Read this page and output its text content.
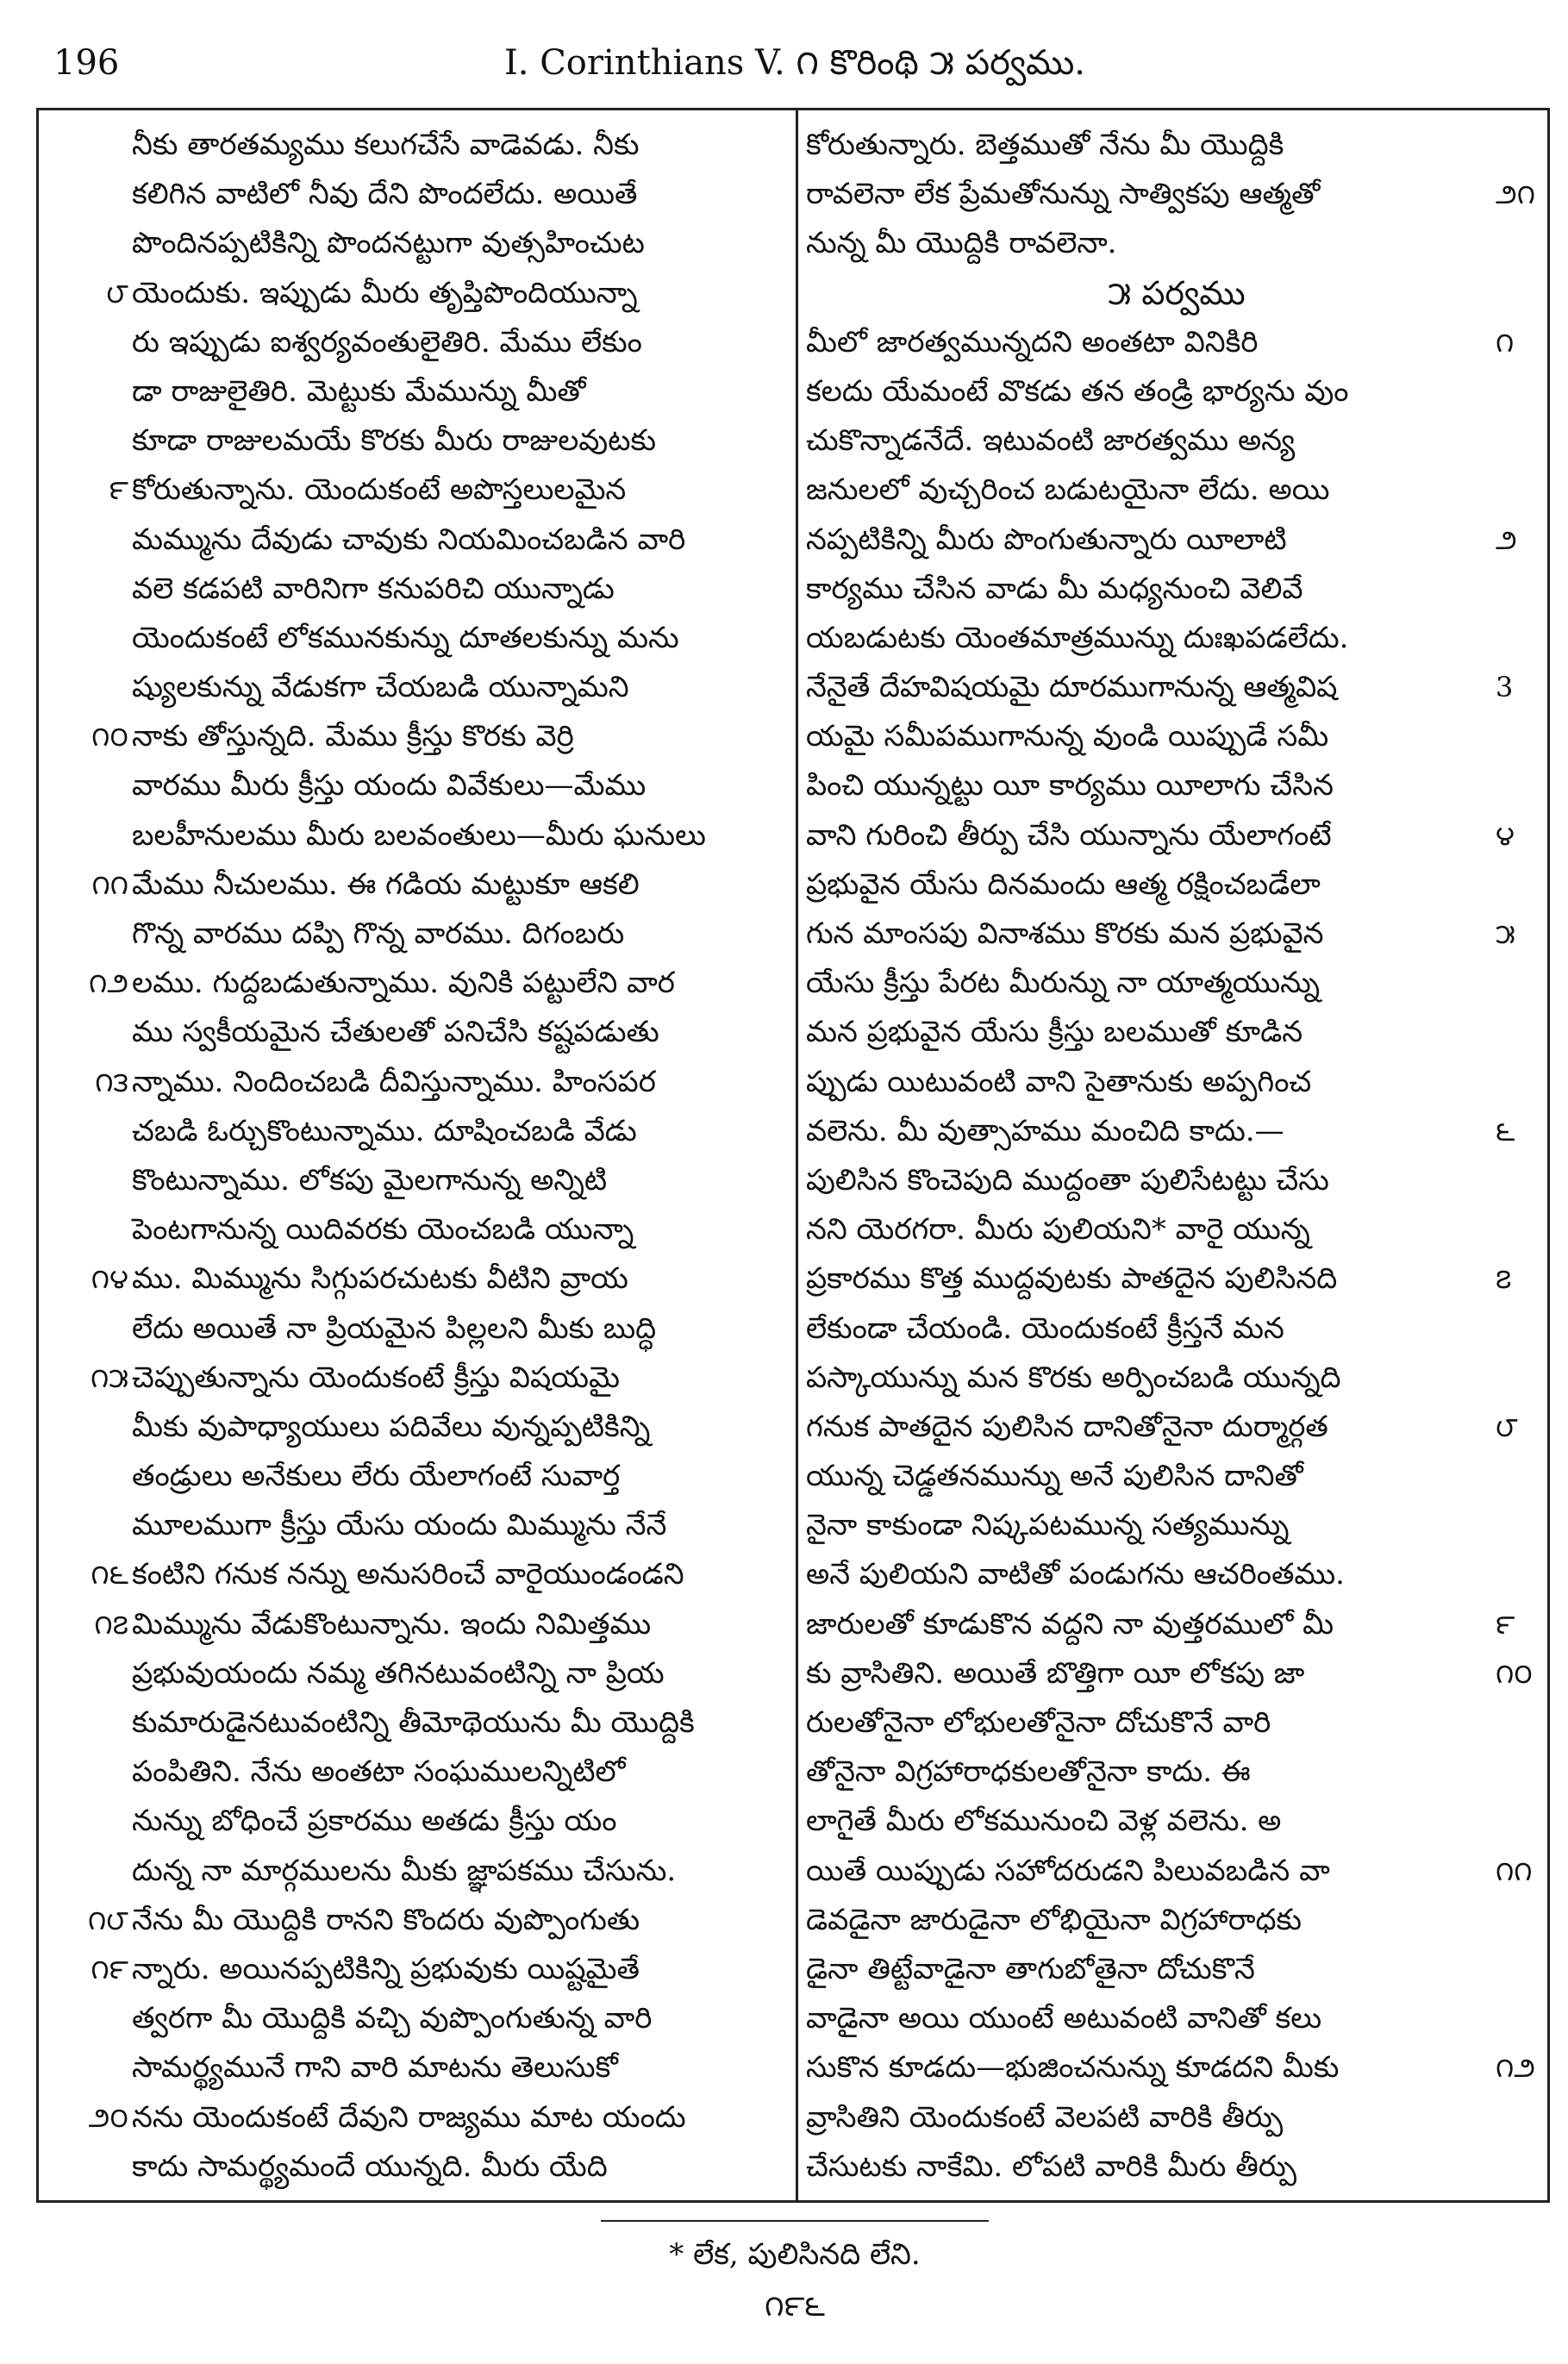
196	I. Corinthians V. ౧ కొరింథి ౫ పర్వము.
నీకు తారతమ్యము కలుగచేసే వాడెవడు. నీకు
కలిగిన వాటిలో నీవు దేని పొందలేదు. అయితే
పొందినప్పటికిన్ని పొందనట్టుగా వుత్సహించుట
౮ యెందుకు. ఇప్పుడు మీరు తృప్తిపొందియున్నా
రు ఇప్పుడు ఐశ్వర్యవంతులైతిరి. మేము లేకుం
డా రాజులైతిరి. మెట్టుకు మేమున్ను మీతో
కూడా రాజులమయే కొరకు మీరు రాజులవుటకు
౯ కోరుతున్నాను. యెందుకంటే అపొస్తలులమైన
మమ్మును దేవుడు చావుకు నియమించబడిన వారి
వలె కడపటి వారినిగా కనుపరిచి యున్నాడు
యెందుకంటే లోకమునకున్ను దూతలకున్ను మను
ష్యులకున్ను వేడుకగా చేయబడి యున్నామని
౧౦ నాకు తోస్తున్నది. మేము క్రీస్తు కొరకు వెర్రి
వారము మీరు క్రీస్తు యందు వివేకులు—మేము
బలహీనులము మీరు బలవంతులు—మీరు ఘనులు
౧౧ మేము నీచులము. ఈ గడియ మట్టుకూ ఆకలి
గొన్న వారము దప్పి గొన్న వారము. దిగంబరు
౧౨ లము. గుద్దబడుతున్నాము. వునికి పట్టులేని వార
ము స్వకీయమైన చేతులతో పనిచేసి కష్టపడుతు
౧౩ న్నాము. నిందించబడి దీవిస్తున్నాము. హింసపర
చబడి ఓర్చుకొంటున్నాము. దూషించబడి వేడు
కొంటున్నాము. లోకపు మైలగానున్న అన్నిటి
పెంటగానున్న యిదివరకు యెంచబడి యున్నా
౧౪ ము. మిమ్మును సిగ్గుపరచుటకు వీటిని వ్రాయ
లేదు అయితే నా ప్రియమైన పిల్లలని మీకు బుద్ధి
౧౫ చెప్పుతున్నాను యెందుకంటే క్రీస్తు విషయమై
మీకు వుపాధ్యాయులు పదివేలు వున్నప్పటికిన్ని
తండ్రులు అనేకులు లేరు యేలాగంటే సువార్త
మూలముగా క్రీస్తు యేసు యందు మిమ్మును నేనే
౧౬ కంటిని గనుక నన్ను అనుసరించే వారైయుండండని
౧౭ మిమ్మును వేడుకొంటున్నాను. ఇందు నిమిత్తము
ప్రభువుయందు నమ్మ తగినటువంటిన్ని నా ప్రియ
కుమారుడైనటువంటిన్ని తీమోథెయును మీ యొద్దికి
పంపితిని. నేను అంతటా సంఘములన్నిటిలో
నున్ను బోధించే ప్రకారము అతడు క్రీస్తు యం
దున్న నా మార్గములను మీకు జ్ఞాపకము చేసును.
౧౮ నేను మీ యొద్దికి రానని కొందరు వుప్పొంగుతు
౧౯ న్నారు. అయినప్పటికిన్ని ప్రభువుకు యిష్టమైతే
త్వరగా మీ యొద్దికి వచ్చి వుప్పొంగుతున్న వారి
సామర్థ్యమునే గాని వారి మాటను తెలుసుకో
౨౦ నను యెందుకంటే దేవుని రాజ్యము మాట యందు
కాదు సామర్థ్యమందే యున్నది. మీరు యేది
కోరుతున్నారు. బెత్తముతో నేను మీ యొద్దికి
౨౧
రావలెనా లేక ప్రేమతోనున్ను సాత్వికపు ఆత్మతో
నున్న మీ యొద్దికి రావలెనా.
౫ పర్వము
౧
మీలో జారత్వమున్నదని అంతటా వినికిరి
కలదు యేమంటే వొకడు తన తండ్రి భార్యను వుం
చుకొన్నాడనేదే. ఇటువంటి జారత్వము అన్య
జనులలో వుచ్చరించ బడుటయైనా లేదు. అయి
౨
నప్పటికిన్ని మీరు పొంగుతున్నారు యీలాటి
కార్యము చేసిన వాడు మీ మధ్యనుంచి వెలివే
యబడుటకు యెంతమాత్రమున్ను దుఃఖపడలేదు.
3
నేనైతే దేహవిషయమై దూరముగానున్న ఆత్మవిష
యమై సమీపముగానున్న వుండి యిప్పుడే సమీ
పించి యున్నట్టు యీ కార్యము యీలాగు చేసిన
౪
వాని గురించి తీర్పు చేసి యున్నాను యేలాగంటే
ప్రభువైన యేసు దినమందు ఆత్మ రక్షించబడేలా
౫
గున మాంసపు వినాశము కొరకు మన ప్రభువైన
యేసు క్రీస్తు పేరట మీరున్ను నా యాత్మయున్ను
మన ప్రభువైన యేసు క్రీస్తు బలముతో కూడిన
ప్పుడు యిటువంటి వాని సైతానుకు అప్పగించ
౬
వలెను. మీ వుత్సాహము మంచిది కాదు.—
పులిసిన కొంచెపుది ముద్దంతా పులిసేటట్టు చేసు
నని యెరగరా. మీరు పులియని* వారై యున్న
౭
ప్రకారము కొత్త ముద్దవుటకు పాతదైన పులిసినది
లేకుండా చేయండి. యెందుకంటే క్రీస్తనే మన
పస్కాయున్ను మన కొరకు అర్పించబడి యున్నది
౮
గనుక పాతదైన పులిసిన దానితోనైనా దుర్మార్గత
యున్న చెడ్డతనమున్ను అనే పులిసిన దానితో
నైనా కాకుండా నిష్కపటమున్న సత్యమున్ను
అనే పులియని వాటితో పండుగను ఆచరింతము.
౯
జారులతో కూడుకొన వద్దని నా వుత్తరములో మీ
౧౦
కు వ్రాసితిని. అయితే బొత్తిగా యీ లోకపు జా
రులతోనైనా లోభులతోనైనా దోచుకొనే వారి
తోనైనా విగ్రహారాధకులతోనైనా కాదు. ఈ
లాగైతే మీరు లోకమునుంచి వెళ్ల వలెను. అ
౧౧
యితే యిప్పుడు సహోదరుడని పిలువబడిన వా
డెవడైనా జారుడైనా లోభియైనా విగ్రహారాధకు
డైనా తిట్టేవాడైనా తాగుబోతైనా దోచుకొనే
వాడైనా అయి యుంటే అటువంటి వానితో కలు
౧౨
సుకొన కూడదు—భుజించనున్ను కూడదని మీకు
వ్రాసితిని యెందుకంటే వెలపటి వారికి తీర్పు
చేసుటకు నాకేమి. లోపటి వారికి మీరు తీర్పు
* లేక, పులిసినది లేని.
౧౯౬
